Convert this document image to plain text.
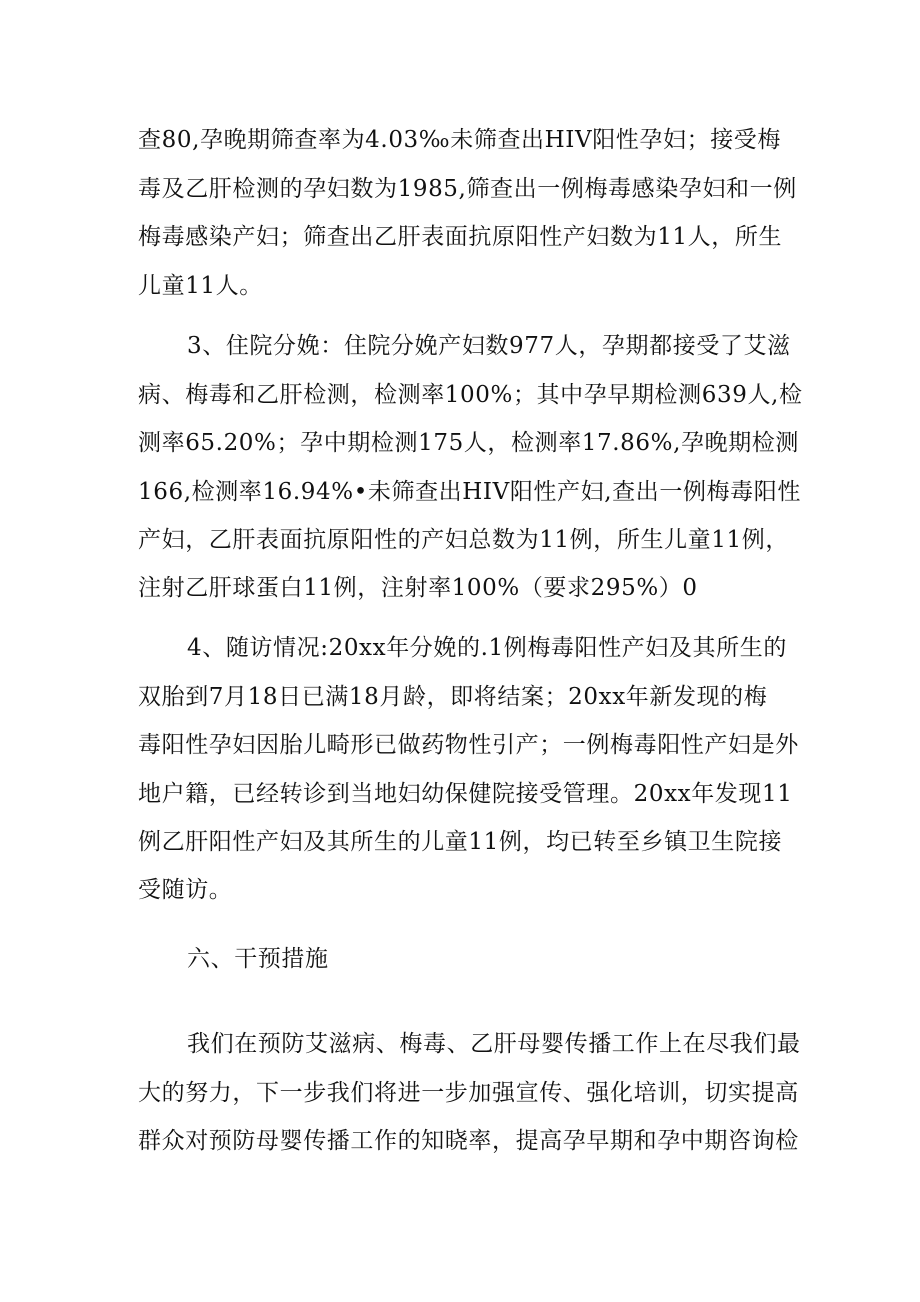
查80,孕晚期筛查率为4.03‰未筛查出HIV阳性孕妇；接受梅
毒及乙肝检测的孕妇数为1985,筛查出一例梅毒感染孕妇和一例
梅毒感染产妇；筛查出乙肝表面抗原阳性产妇数为11人，所生
儿童11人。
3、住院分娩：住院分娩产妇数977人，孕期都接受了艾滋
病、梅毒和乙肝检测，检测率100%；其中孕早期检测639人,检
测率65.20%；孕中期检测175人，检测率17.86%,孕晚期检测
166,检测率16.94%•未筛查出HIV阳性产妇,查出一例梅毒阳性
产妇，乙肝表面抗原阳性的产妇总数为11例，所生儿童11例，
注射乙肝球蛋白11例，注射率100%（要求295%）0
4、随访情况:20xx年分娩的.1例梅毒阳性产妇及其所生的
双胎到7月18日已满18月龄，即将结案；20xx年新发现的梅
毒阳性孕妇因胎儿畸形已做药物性引产；一例梅毒阳性产妇是外
地户籍，已经转诊到当地妇幼保健院接受管理。20xx年发现11
例乙肝阳性产妇及其所生的儿童11例，均已转至乡镇卫生院接
受随访。
六、干预措施
我们在预防艾滋病、梅毒、乙肝母婴传播工作上在尽我们最
大的努力，下一步我们将进一步加强宣传、强化培训，切实提高
群众对预防母婴传播工作的知晓率，提高孕早期和孕中期咨询检
